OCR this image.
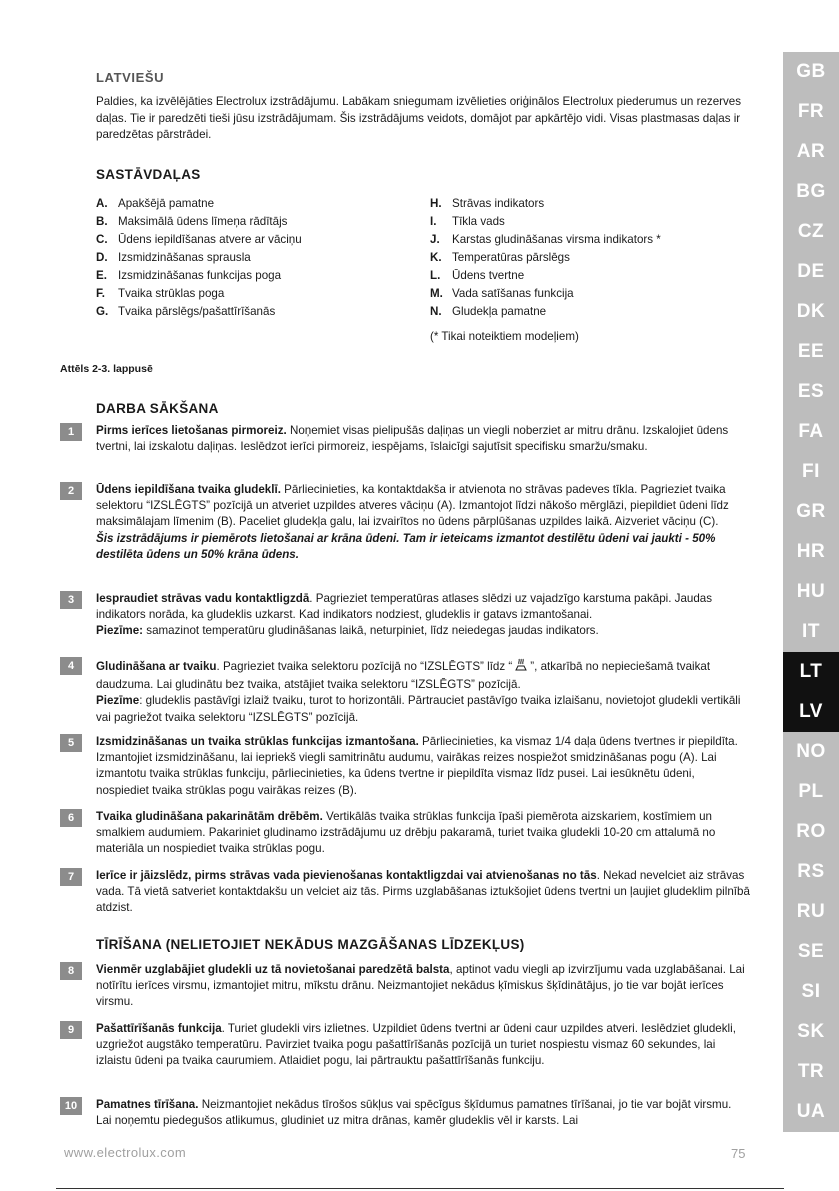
LATVIEŠU
Paldies, ka izvēlējāties Electrolux izstrādājumu. Labākam sniegumam izvēlieties oriģinālos Electrolux piederumus un rezerves daļas. Tie ir paredzēti tieši jūsu izstrādājumam. Šis izstrādājums veidots, domājot par apkārtējo vidi. Visas plastmasas daļas ir paredzētas pārstrādei.
SASTĀVDAĻAS
A. Apakšējā pamatne
B. Maksimālā ūdens līmeņa rādītājs
C. Ūdens iepildīšanas atvere ar vāciņu
D. Izsmidzināšanas sprausla
E. Izsmidzināšanas funkcijas poga
F. Tvaika strūklas poga
G. Tvaika pārslēgs/pašattīrīšanās
H. Strāvas indikators
I. Tīkla vads
J. Karstas gludināšanas virsma indikators *
K. Temperatūras pārslēgs
L. Ūdens tvertne
M. Vada satīšanas funkcija
N. Gludekļa pamatne
(* Tikai noteiktiem modeļiem)
Attēls 2-3. lappusē
DARBA SĀKŠANA
1	Pirms ierīces lietošanas pirmoreiz. Noņemiet visas pielipušās daļiņas un viegli noberziet ar mitru drānu. Izskalojiet ūdens tvertni, lai izskalotu daļiņas. Ieslēdzot ierīci pirmoreiz, iespējams, īslaicīgi sajutīsit specifisku smaržu/smaku.
2	Ūdens iepildīšana tvaika gludeklī. Pārliecinieties, ka kontaktdakša ir atvienota no strāvas padeves tīkla. Pagrieziet tvaika selektoru “IZSLĒGTS” pozīcijā un atveriet uzpildes atveres vāciņu (A). Izmantojot līdzi nākošo mērglāzi, piepildiet ūdeni līdz maksimālajam līmenim (B). Paceliet gludekļa galu, lai izvairītos no ūdens pārplūšanas uzpildes laikā. Aizveriet vāciņu (C).
Šis izstrādājums ir piemērots lietošanai ar krāna ūdeni. Tam ir ieteicams izmantot destilētu ūdeni vai jaukti - 50% destilēta ūdens un 50% krāna ūdens.
3	Iespraudiet strāvas vadu kontaktligzdā. Pagrieziet temperatūras atlases slēdzi uz vajadzīgo karstuma pakāpi. Jaudas indikators norāda, ka gludeklis uzkarst. Kad indikators nodziest, gludeklis ir gatavs izmantošanai.
Piezīme: samazinot temperatūru gludināšanas laikā, neturpiniet, līdz neiedegas jaudas indikators.
4	Gludināšana ar tvaiku. Pagrieziet tvaika selektoru pozīcijā no “IZSLĒGTS” līdz “ ”, atkarībā no nepieciešamā tvaikat daudzuma. Lai gludinātu bez tvaika, atstājiet tvaika selektoru “IZSLĒGTS” pozīcijā.
Piezīme: gludeklis pastāvīgi izlaiž tvaiku, turot to horizontāli. Pārtrauciet pastāvīgo tvaika izlaišanu, novietojot gludekli vertikāli vai pagriežot tvaika selektoru “IZSLĒGTS” pozīcijā.
5	Izsmidzināšanas un tvaika strūklas funkcijas izmantošana. Pārliecinieties, ka vismaz 1/4 daļa ūdens tvertnes ir piepildīta. Izmantojiet izsmidzināšanu, lai iepriekš viegli samitrinātu audumu, vairākas reizes nospiežot smidzināšanas pogu (A). Lai izmantotu tvaika strūklas funkciju, pārliecinieties, ka ūdens tvertne ir piepildīta vismaz līdz pusei. Lai iesūknētu ūdeni, nospiediet tvaika strūklas pogu vairākas reizes (B).
6	Tvaika gludināšana pakarinātām drēbēm. Vertikālās tvaika strūklas funkcija īpaši piemērota aizskariem, kostīmiem un smalkiem audumiem. Pakariniet gludinamo izstrādājumu uz drēbju pakaramā, turiet tvaika gludekli 10-20 cm attalumā no materiāla un nospiediet tvaika strūklas pogu.
7	Ierīce ir jāizslēdz, pirms strāvas vada pievienošanas kontaktligzdai vai atvienošanas no tās. Nekad nevelciet aiz strāvas vada. Tā vietā satveriet kontaktdakšu un velciet aiz tās. Pirms uzglabāšanas iztukšojiet ūdens tvertni un ļaujiet gludeklim pilnībā atdzist.
TĪRĪŠANA (NELIETOJIET NEKĀDUS MAZGĀŠANAS LĪDZEKĻUS)
8	Vienmēr uzglabājiet gludekli uz tā novietošanai paredzētā balsta, aptinot vadu viegli ap izvirzījumu vada uzglabāšanai. Lai notīrītu ierīces virsmu, izmantojiet mitru, mīkstu drānu. Neizmantojiet nekādus ķīmiskus šķīdinātājus, jo tie var bojāt ierīces virsmu.
9	Pašattīrīšanās funkcija. Turiet gludekli virs izlietnes. Uzpildiet ūdens tvertni ar ūdeni caur uzpildes atveri. Ieslēdziet gludekli, uzgriežot augstāko temperatūru. Pavirziet tvaika pogu pašattīrīšanās pozīcijā un turiet nospiestu vismaz 60 sekundes, lai izlaistu ūdeni pa tvaika caurumiem. Atlaidiet pogu, lai pārtrauktu pašattīrīšanās funkciju.
10	Pamatnes tīrīšana. Neizmantojiet nekādus tīrošos sūkļus vai spēcīgus šķīdumus pamatnes tīrīšanai, jo tie var bojāt virsmu. Lai noņemtu piedegušos atlikumus, gludiniet uz mitra drānas, kamēr gludeklis vēl ir karsts. Lai
GB
FR
AR
BG
CZ
DE
DK
EE
ES
FA
FI
GR
HR
HU
IT
LT
LV
NO
PL
RO
RS
RU
SE
SI
SK
TR
UA
www.electrolux.com	75
